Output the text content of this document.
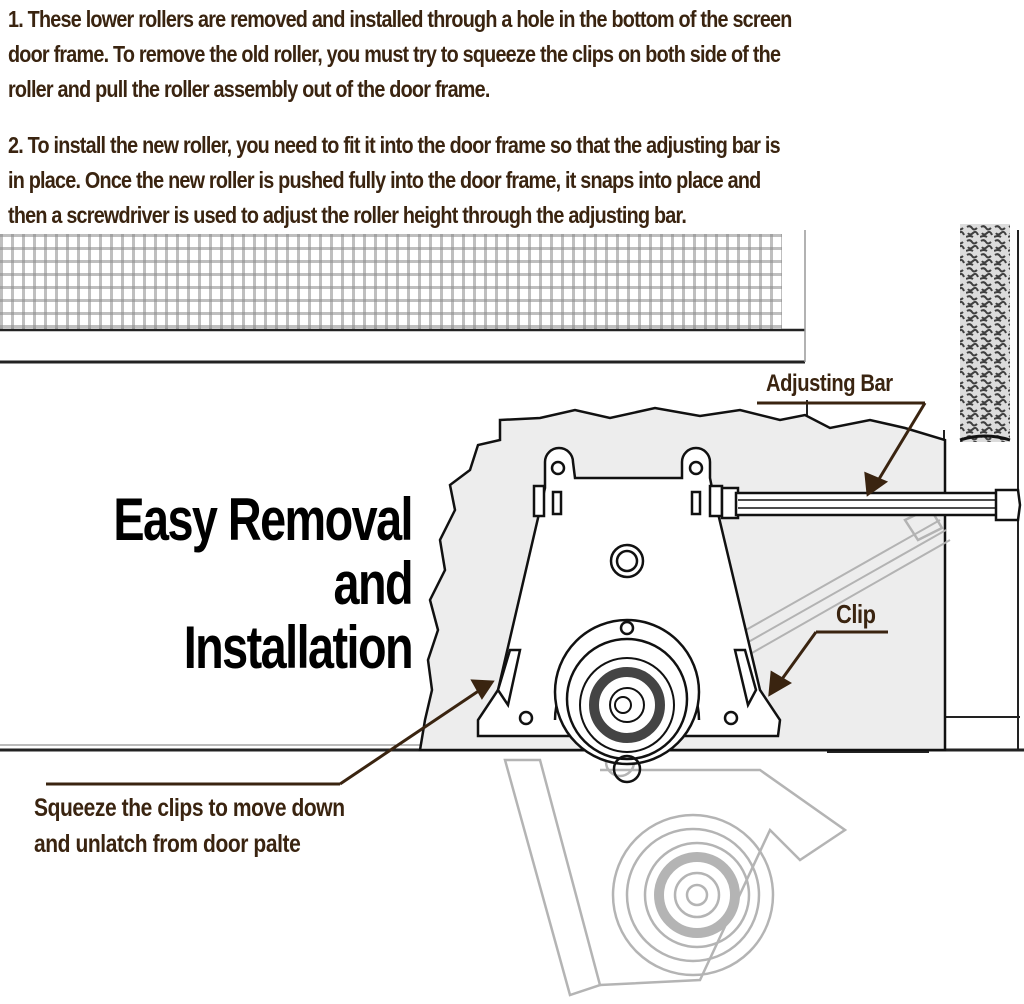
1. These lower rollers are removed and installed through a hole in the bottom of the screen
door frame. To remove the old roller, you must try to squeeze the clips on both side of the
roller and pull the roller assembly out of the door frame.
2. To install the new roller, you need to fit it into the door frame so that the adjusting bar is
in place. Once the new roller is pushed fully into the door frame, it snaps into place and
then a screwdriver is used to adjust the roller height through the adjusting bar.
Easy Removal and
Installation
Adjusting Bar
Clip
Squeeze the clips to move down
and unlatch from door palte
